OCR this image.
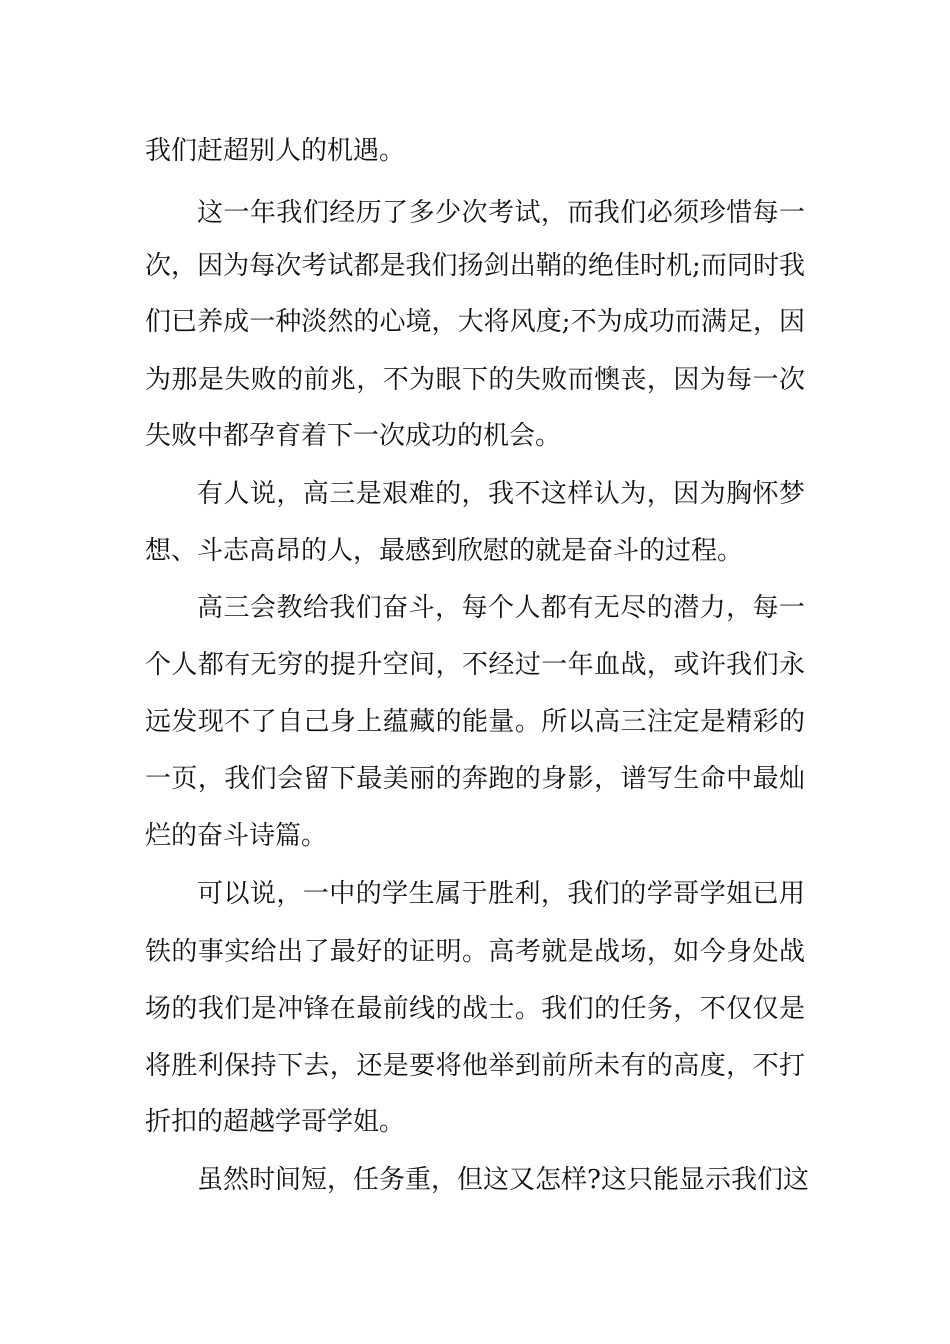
我们赶超别人的机遇。
这一年我们经历了多少次考试，而我们必须珍惜每一
次，因为每次考试都是我们扬剑出鞘的绝佳时机;而同时我
们已养成一种淡然的心境，大将风度;不为成功而满足，因
为那是失败的前兆，不为眼下的失败而懊丧，因为每一次
失败中都孕育着下一次成功的机会。
有人说，高三是艰难的，我不这样认为，因为胸怀梦
想、斗志高昂的人，最感到欣慰的就是奋斗的过程。
高三会教给我们奋斗，每个人都有无尽的潜力，每一
个人都有无穷的提升空间，不经过一年血战，或许我们永
远发现不了自己身上蕴藏的能量。所以高三注定是精彩的
一页，我们会留下最美丽的奔跑的身影，谱写生命中最灿
烂的奋斗诗篇。
可以说，一中的学生属于胜利，我们的学哥学姐已用
铁的事实给出了最好的证明。高考就是战场，如今身处战
场的我们是冲锋在最前线的战士。我们的任务，不仅仅是
将胜利保持下去，还是要将他举到前所未有的高度，不打
折扣的超越学哥学姐。
虽然时间短，任务重，但这又怎样?这只能显示我们这
